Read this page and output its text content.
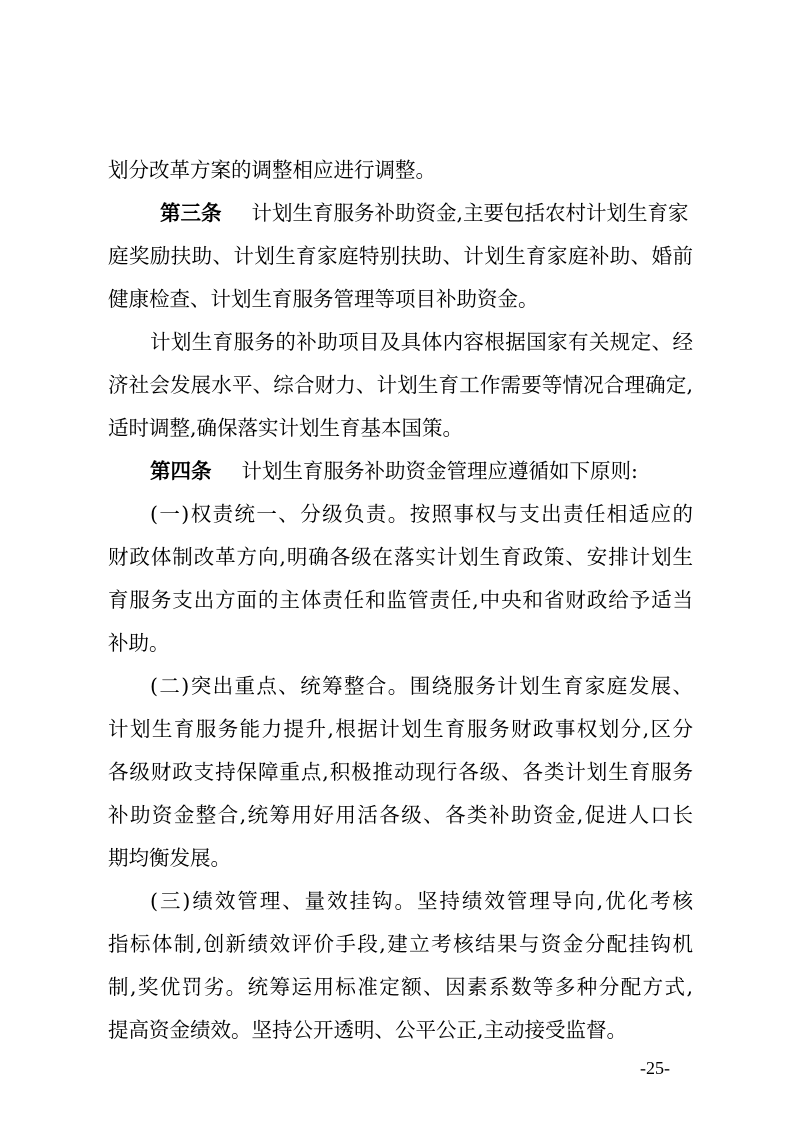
划分改革方案的调整相应进行调整。
第三条 计划生育服务补助资金,主要包括农村计划生育家
庭奖励扶助、计划生育家庭特别扶助、计划生育家庭补助、婚前
健康检查、计划生育服务管理等项目补助资金。
计划生育服务的补助项目及具体内容根据国家有关规定、经
济社会发展水平、综合财力、计划生育工作需要等情况合理确定,
适时调整,确保落实计划生育基本国策。
第四条 计划生育服务补助资金管理应遵循如下原则:
(一)权责统一、分级负责。按照事权与支出责任相适应的
财政体制改革方向,明确各级在落实计划生育政策、安排计划生
育服务支出方面的主体责任和监管责任,中央和省财政给予适当
补助。
(二)突出重点、统筹整合。围绕服务计划生育家庭发展、
计划生育服务能力提升,根据计划生育服务财政事权划分,区分
各级财政支持保障重点,积极推动现行各级、各类计划生育服务
补助资金整合,统筹用好用活各级、各类补助资金,促进人口长
期均衡发展。
(三)绩效管理、量效挂钩。坚持绩效管理导向,优化考核
指标体制,创新绩效评价手段,建立考核结果与资金分配挂钩机
制,奖优罚劣。统筹运用标准定额、因素系数等多种分配方式,
提高资金绩效。坚持公开透明、公平公正,主动接受监督。
-25-
